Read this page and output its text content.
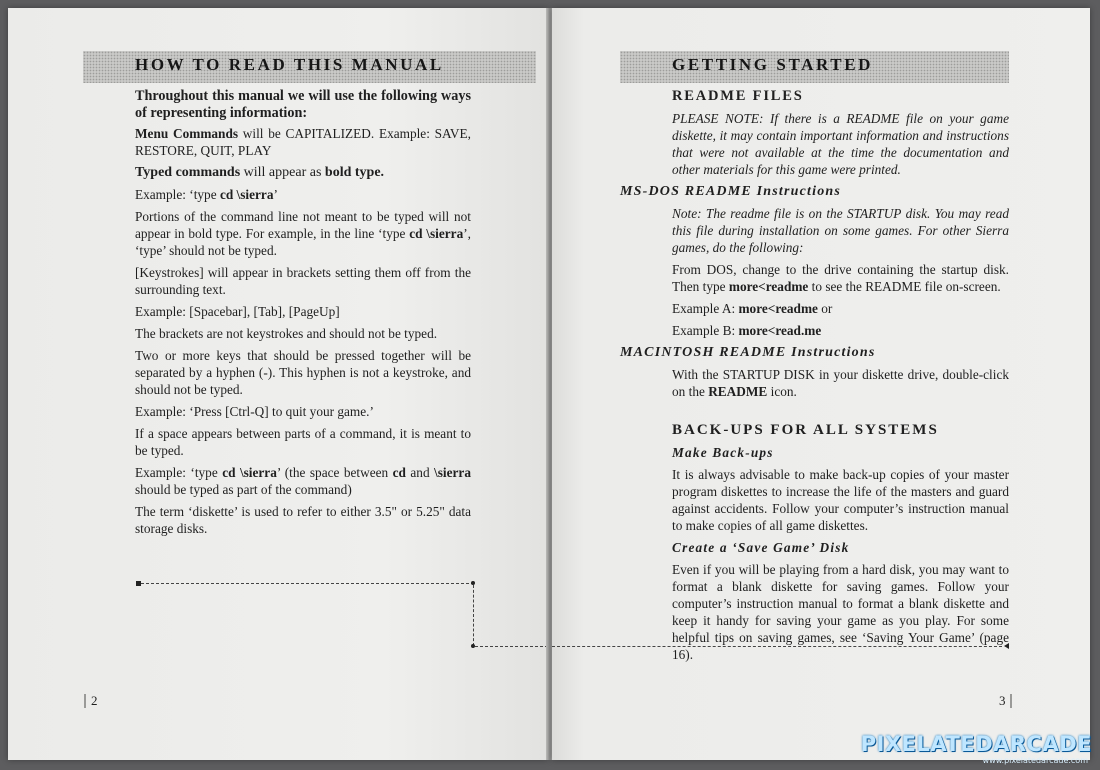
HOW TO READ THIS MANUAL

Throughout this manual we will use the following ways of representing information:

Menu Commands will be CAPITALIZED. Example: SAVE, RESTORE, QUIT, PLAY

Typed commands will appear as bold type.

Example: ‘type cd \sierra’

Portions of the command line not meant to be typed will not appear in bold type. For example, in the line ‘type cd \sierra’, ‘type’ should not be typed.

[Keystrokes] will appear in brackets setting them off from the surrounding text.

Example: [Spacebar], [Tab], [PageUp]

The brackets are not keystrokes and should not be typed.

Two or more keys that should be pressed together will be separated by a hyphen (-). This hyphen is not a keystroke, and should not be typed.

Example: ‘Press [Ctrl-Q] to quit your game.’

If a space appears between parts of a command, it is meant to be typed.

Example: ‘type cd \sierra’ (the space between cd and \sierra should be typed as part of the command)

The term ‘diskette’ is used to refer to either 3.5" or 5.25" data storage disks.

2
GETTING STARTED

README FILES

PLEASE NOTE: If there is a README file on your game diskette, it may contain important information and instructions that were not available at the time the documentation and other materials for this game were printed.

MS-DOS README Instructions

Note: The readme file is on the STARTUP disk. You may read this file during installation on some games. For other Sierra games, do the following:

From DOS, change to the drive containing the startup disk. Then type more<readme to see the README file on-screen.

Example A: more<readme or

Example B: more<read.me

MACINTOSH README Instructions

With the STARTUP DISK in your diskette drive, double-click on the README icon.

BACK-UPS FOR ALL SYSTEMS

Make Back-ups

It is always advisable to make back-up copies of your master program diskettes to increase the life of the masters and guard against accidents. Follow your computer’s instruction manual to make copies of all game diskettes.

Create a ‘Save Game’ Disk

Even if you will be playing from a hard disk, you may want to format a blank diskette for saving games. Follow your computer’s instruction manual to format a blank diskette and keep it handy for saving your game as you play. For some helpful tips on saving games, see ‘Saving Your Game’ (page 16).

3
PIXELATEDARCADE
www.pixelatedarcade.com
